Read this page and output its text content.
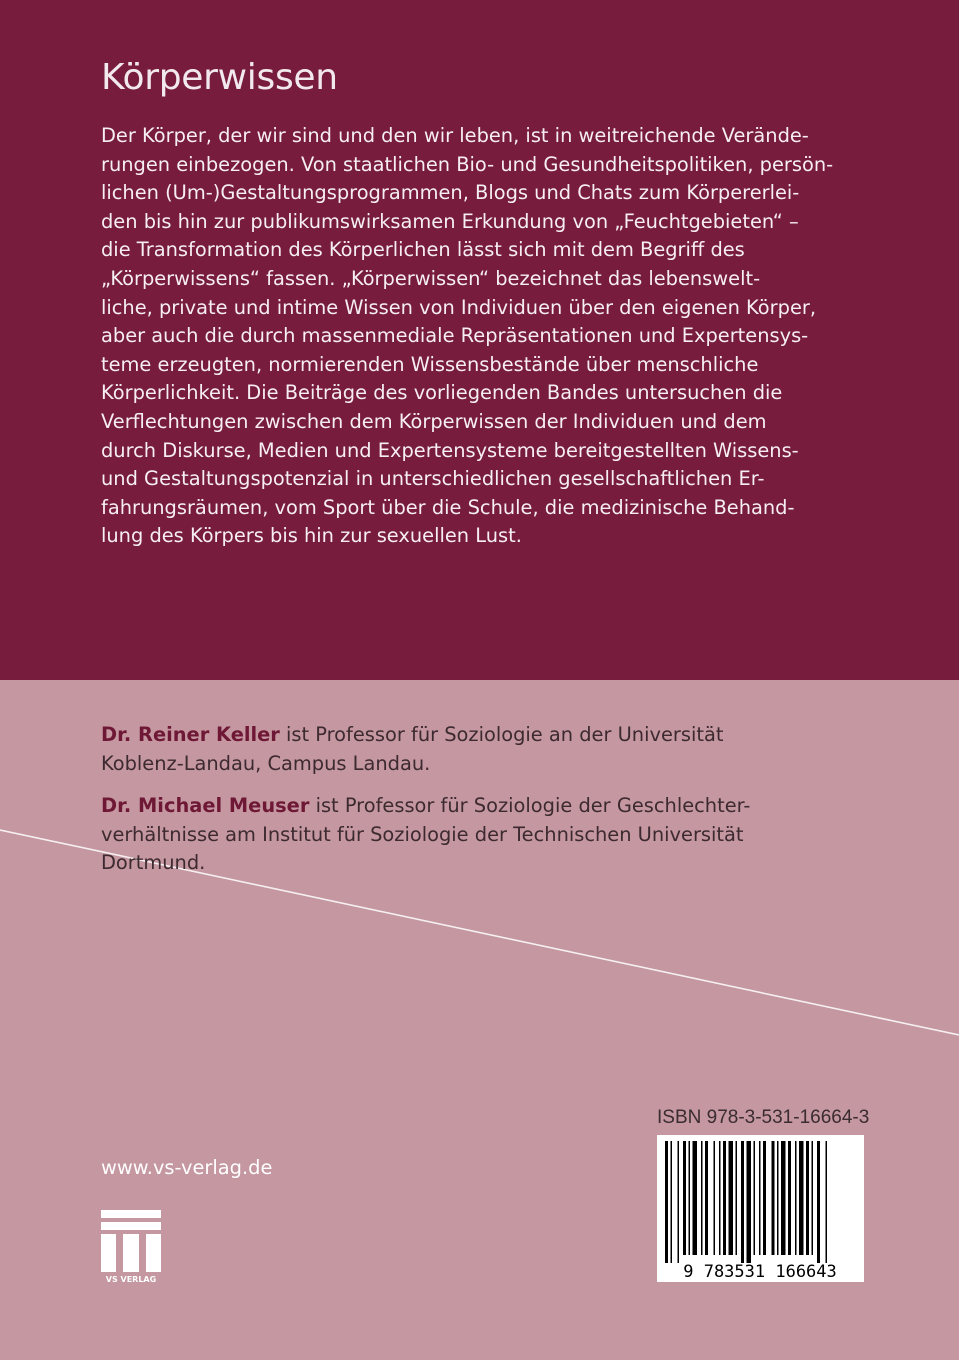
Körperwissen

Der Körper, der wir sind und den wir leben, ist in weitreichende Verände-
rungen einbezogen. Von staatlichen Bio- und Gesundheitspolitiken, persön-
lichen (Um-)Gestaltungsprogrammen, Blogs und Chats zum Körpererlei-
den bis hin zur publikumswirksamen Erkundung von „Feuchtgebieten“ –
die Transformation des Körperlichen lässt sich mit dem Begriff des
„Körperwissens“ fassen. „Körperwissen“ bezeichnet das lebenswelt-
liche, private und intime Wissen von Individuen über den eigenen Körper,
aber auch die durch massenmediale Repräsentationen und Expertensys-
teme erzeugten, normierenden Wissensbestände über menschliche
Körperlichkeit. Die Beiträge des vorliegenden Bandes untersuchen die
Verflechtungen zwischen dem Körperwissen der Individuen und dem
durch Diskurse, Medien und Expertensysteme bereitgestellten Wissens-
und Gestaltungspotenzial in unterschiedlichen gesellschaftlichen Er-
fahrungsräumen, vom Sport über die Schule, die medizinische Behand-
lung des Körpers bis hin zur sexuellen Lust.

Dr. Reiner Keller ist Professor für Soziologie an der Universität
Koblenz-Landau, Campus Landau.

Dr. Michael Meuser ist Professor für Soziologie der Geschlechter-
verhältnisse am Institut für Soziologie der Technischen Universität
Dortmund.

www.vs-verlag.de

VS VERLAG

ISBN 978-3-531-16664-3

9 783531 166643
